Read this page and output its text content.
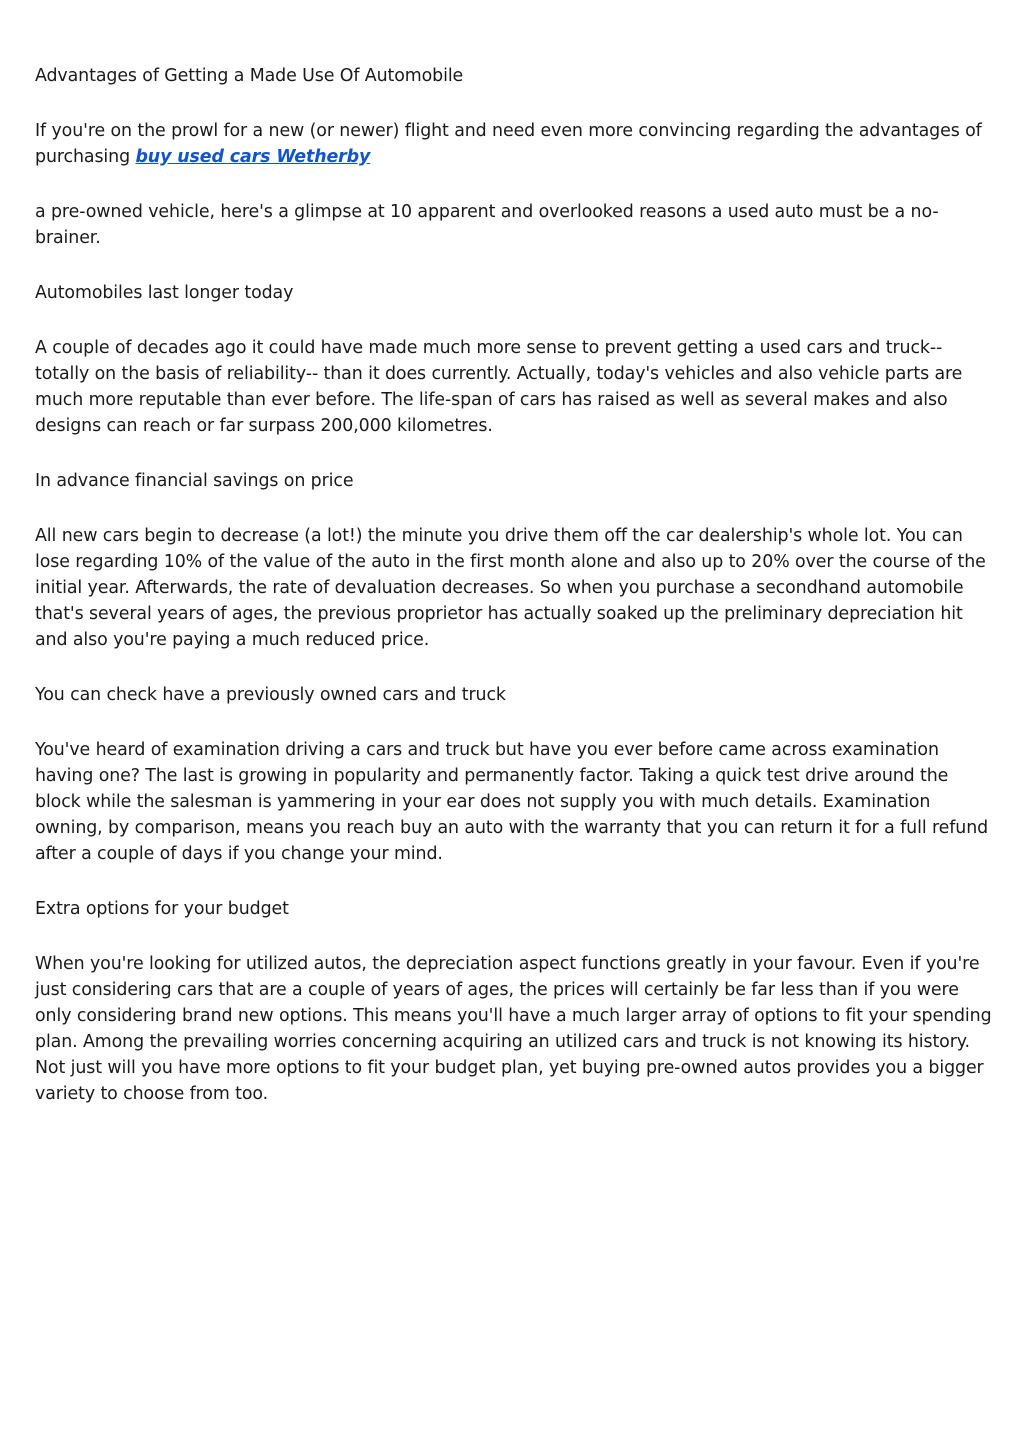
Advantages of Getting a Made Use Of Automobile

If you're on the prowl for a new (or newer) flight and need even more convincing regarding the advantages of purchasing buy used cars Wetherby

a pre-owned vehicle, here's a glimpse at 10 apparent and overlooked reasons a used auto must be a no-brainer.

Automobiles last longer today

A couple of decades ago it could have made much more sense to prevent getting a used cars and truck-- totally on the basis of reliability-- than it does currently. Actually, today's vehicles and also vehicle parts are much more reputable than ever before. The life-span of cars has raised as well as several makes and also designs can reach or far surpass 200,000 kilometres.

In advance financial savings on price

All new cars begin to decrease (a lot!) the minute you drive them off the car dealership's whole lot. You can lose regarding 10% of the value of the auto in the first month alone and also up to 20% over the course of the initial year. Afterwards, the rate of devaluation decreases. So when you purchase a secondhand automobile that's several years of ages, the previous proprietor has actually soaked up the preliminary depreciation hit and also you're paying a much reduced price.

You can check have a previously owned cars and truck

You've heard of examination driving a cars and truck but have you ever before came across examination having one? The last is growing in popularity and permanently factor. Taking a quick test drive around the block while the salesman is yammering in your ear does not supply you with much details. Examination owning, by comparison, means you reach buy an auto with the warranty that you can return it for a full refund after a couple of days if you change your mind.

Extra options for your budget

When you're looking for utilized autos, the depreciation aspect functions greatly in your favour. Even if you're just considering cars that are a couple of years of ages, the prices will certainly be far less than if you were only considering brand new options. This means you'll have a much larger array of options to fit your spending plan. Among the prevailing worries concerning acquiring an utilized cars and truck is not knowing its history. Not just will you have more options to fit your budget plan, yet buying pre-owned autos provides you a bigger variety to choose from too.
